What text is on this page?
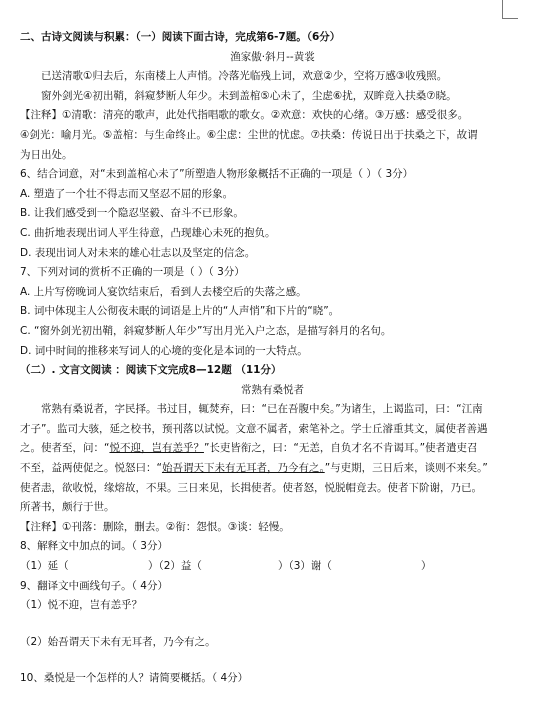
二、古诗文阅读与积累：（一）阅读下面古诗，完成第6-7题。（6分）

渔家傲·斜月--黄裳

已送清歌①归去后，东南楼上人声悄。冷落光临残上词，欢意②少，空将万感③收残照。

窗外剑光④初出鞘，斜窥梦断人年少。未到盖棺⑤心未了，尘虑⑥扰，双眸竟入扶桑⑦晓。

【注释】①清歌：清亮的歌声，此处代指唱歌的歌女。②欢意：欢快的心绪。③万感：感受很多。

④剑光：喻月光。⑤盖棺：与生命终止。⑥尘虑：尘世的忧虑。⑦扶桑：传说日出于扶桑之下，故谓

为日出处。

6、结合词意，对“未到盖棺心未了”所塑造人物形象概括不正确的一项是（ ）（ 3分）

A. 塑造了一个壮不得志而又坚忍不屈的形象。

B. 让我们感受到一个隐忍坚毅、奋斗不已形象。

C. 曲折地表现出词人平生待意，凸现雄心未死的抱负。

D. 表现出词人对未来的雄心壮志以及坚定的信念。

7、下列对词的赏析不正确的一项是（ ）（ 3分）

A. 上片写傍晚词人宴饮结束后，看到人去楼空后的失落之感。

B. 词中体现主人公彻夜未眠的词语是上片的“人声悄”和下片的“晓”。

C. “窗外剑光初出鞘，斜窥梦断人年少”写出月光入户之态，是描写斜月的名句。

D. 词中时间的推移来写词人的心境的变化是本词的一大特点。

（二）. 文言文阅读 ：阅读下文完成8—12题 （11分）

常熟有桑悦者

常熟有桑说者，字民择。书过目，辄焚弃，曰：“已在吾腹中矣。”为诸生，上谒监司，曰：“江南

才子”。监司大骇，延之校书，预刊落以试悦。文意不属者，索笔补之。学士丘濬重其文，属使者善遇

之。使者至，问：“悦不迎，岂有恙乎？”长吏皆衔之，曰：“无恙，自负才名不肯谒耳。”使者遣吏召

不至，益两使促之。悦怒曰：“始吾谓天下未有无耳者，乃今有之。”与吏期，三日后来，谈则不来矣。”

使者恚，欲收悦，缘熔故，不果。三日来见，长揖使者。使者怒，悦脱帽竟去。使者下阶谢，乃已。

所著书，颇行于世。

【注释】①刊落：删除，删去。②衔：怨恨。③谈：轻慢。

8、解释文中加点的词。（ 3分）

（1）延（	）（2）益（	）（3）谢（	）

9、翻译文中画线句子。（ 4分）

（1）悦不迎，岂有恙乎？

（2）始吾谓天下未有无耳者，乃今有之。

10、桑悦是一个怎样的人？请简要概括。（ 4分）
